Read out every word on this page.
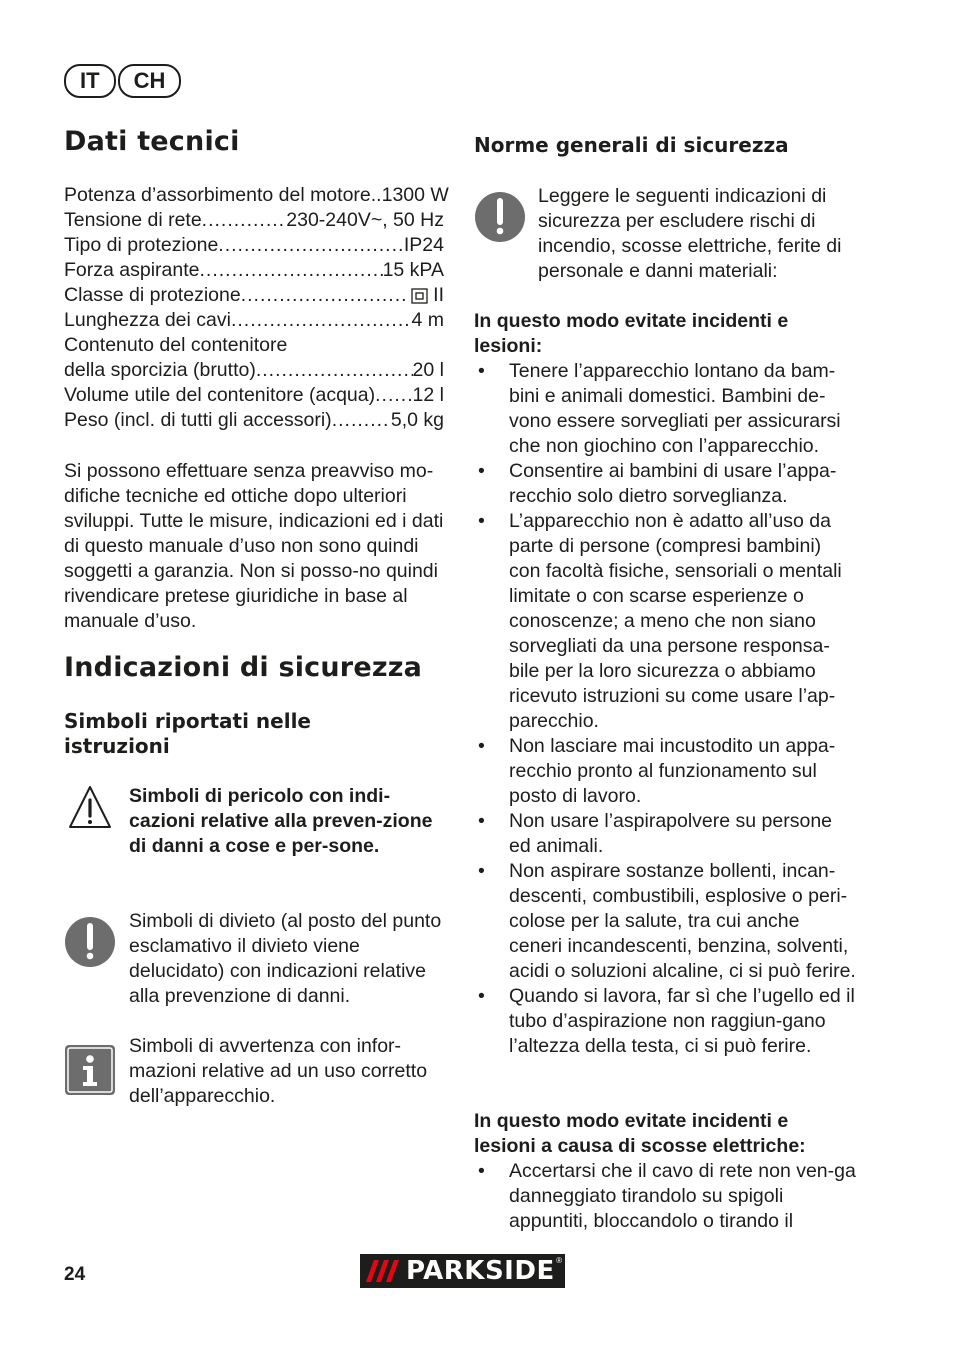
IT	CH
Dati tecnici
Potenza d’assorbimento del motore ..1300 W
Tensione di rete .....	230-240V~, 50 Hz
Tipo di protezione .....	IP24
Forza aspirante .....	15 kPA
Classe di protezione .....	II
Lunghezza dei cavi .....	4 m
Contenuto del contenitore
della sporcizia (brutto) .....	20 l
Volume utile del contenitore (acqua) ..... 12 l
Peso (incl. di tutti gli accessori) .....	5,0 kg
Si possono effettuare senza preavviso mo-difiche tecniche ed ottiche dopo ulteriori sviluppi. Tutte le misure, indicazioni ed i dati di questo manuale d’uso non sono quindi soggetti a garanzia. Non si posso-no quindi rivendicare pretese giuridiche in base al manuale d’uso.
Indicazioni di sicurezza
Simboli riportati nelle istruzioni
Simboli di pericolo con indi-cazioni relative alla preven-zione di danni a cose e per-sone.
Simboli di divieto (al posto del punto esclamativo il divieto viene delucidato) con indicazioni relative alla prevenzione di danni.
Simboli di avvertenza con infor-mazioni relative ad un uso corretto dell’apparecchio.
Norme generali di sicurezza
Leggere le seguenti indicazioni di sicurezza per escludere rischi di incendio, scosse elettriche, ferite di personale e danni materiali:
In questo modo evitate incidenti e lesioni:
• Tenere l’apparecchio lontano da bam-bini e animali domestici. Bambini de-vono essere sorvegliati per assicurarsi che non giochino con l’apparecchio.
• Consentire ai bambini di usare l’appa-recchio solo dietro sorveglianza.
• L’apparecchio non è adatto all’uso da parte di persone (compresi bambini) con facoltà fisiche, sensoriali o mentali limitate o con scarse esperienze o conoscenze; a meno che non siano sorvegliati da una persone responsa-bile per la loro sicurezza o abbiamo ricevuto istruzioni su come usare l’ap-parecchio.
• Non lasciare mai incustodito un appa-recchio pronto al funzionamento sul posto di lavoro.
• Non usare l’aspirapolvere su persone ed animali.
• Non aspirare sostanze bollenti, incan-descenti, combustibili, esplosive o peri-colose per la salute, tra cui anche ceneri incandescenti, benzina, solventi, acidi o soluzioni alcaline, ci si può ferire.
• Quando si lavora, far sì che l’ugello ed il tubo d’aspirazione non raggiun-gano l’altezza della testa, ci si può ferire.
In questo modo evitate incidenti e lesioni a causa di scosse elettriche:
• Accertarsi che il cavo di rete non ven-ga danneggiato tirandolo su spigoli appuntiti, bloccandolo o tirando il
24	PARKSIDE ®
